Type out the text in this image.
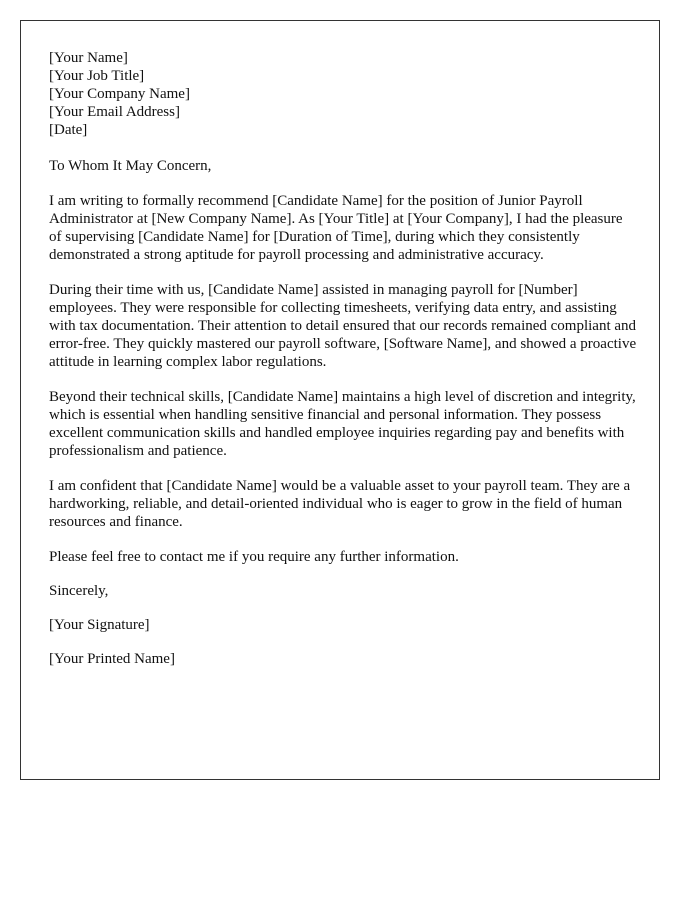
[Your Name]
[Your Job Title]
[Your Company Name]
[Your Email Address]
[Date]
To Whom It May Concern,
I am writing to formally recommend [Candidate Name] for the position of Junior Payroll Administrator at [New Company Name]. As [Your Title] at [Your Company], I had the pleasure of supervising [Candidate Name] for [Duration of Time], during which they consistently demonstrated a strong aptitude for payroll processing and administrative accuracy.
During their time with us, [Candidate Name] assisted in managing payroll for [Number] employees. They were responsible for collecting timesheets, verifying data entry, and assisting with tax documentation. Their attention to detail ensured that our records remained compliant and error-free. They quickly mastered our payroll software, [Software Name], and showed a proactive attitude in learning complex labor regulations.
Beyond their technical skills, [Candidate Name] maintains a high level of discretion and integrity, which is essential when handling sensitive financial and personal information. They possess excellent communication skills and handled employee inquiries regarding pay and benefits with professionalism and patience.
I am confident that [Candidate Name] would be a valuable asset to your payroll team. They are a hardworking, reliable, and detail-oriented individual who is eager to grow in the field of human resources and finance.
Please feel free to contact me if you require any further information.
Sincerely,
[Your Signature]
[Your Printed Name]
